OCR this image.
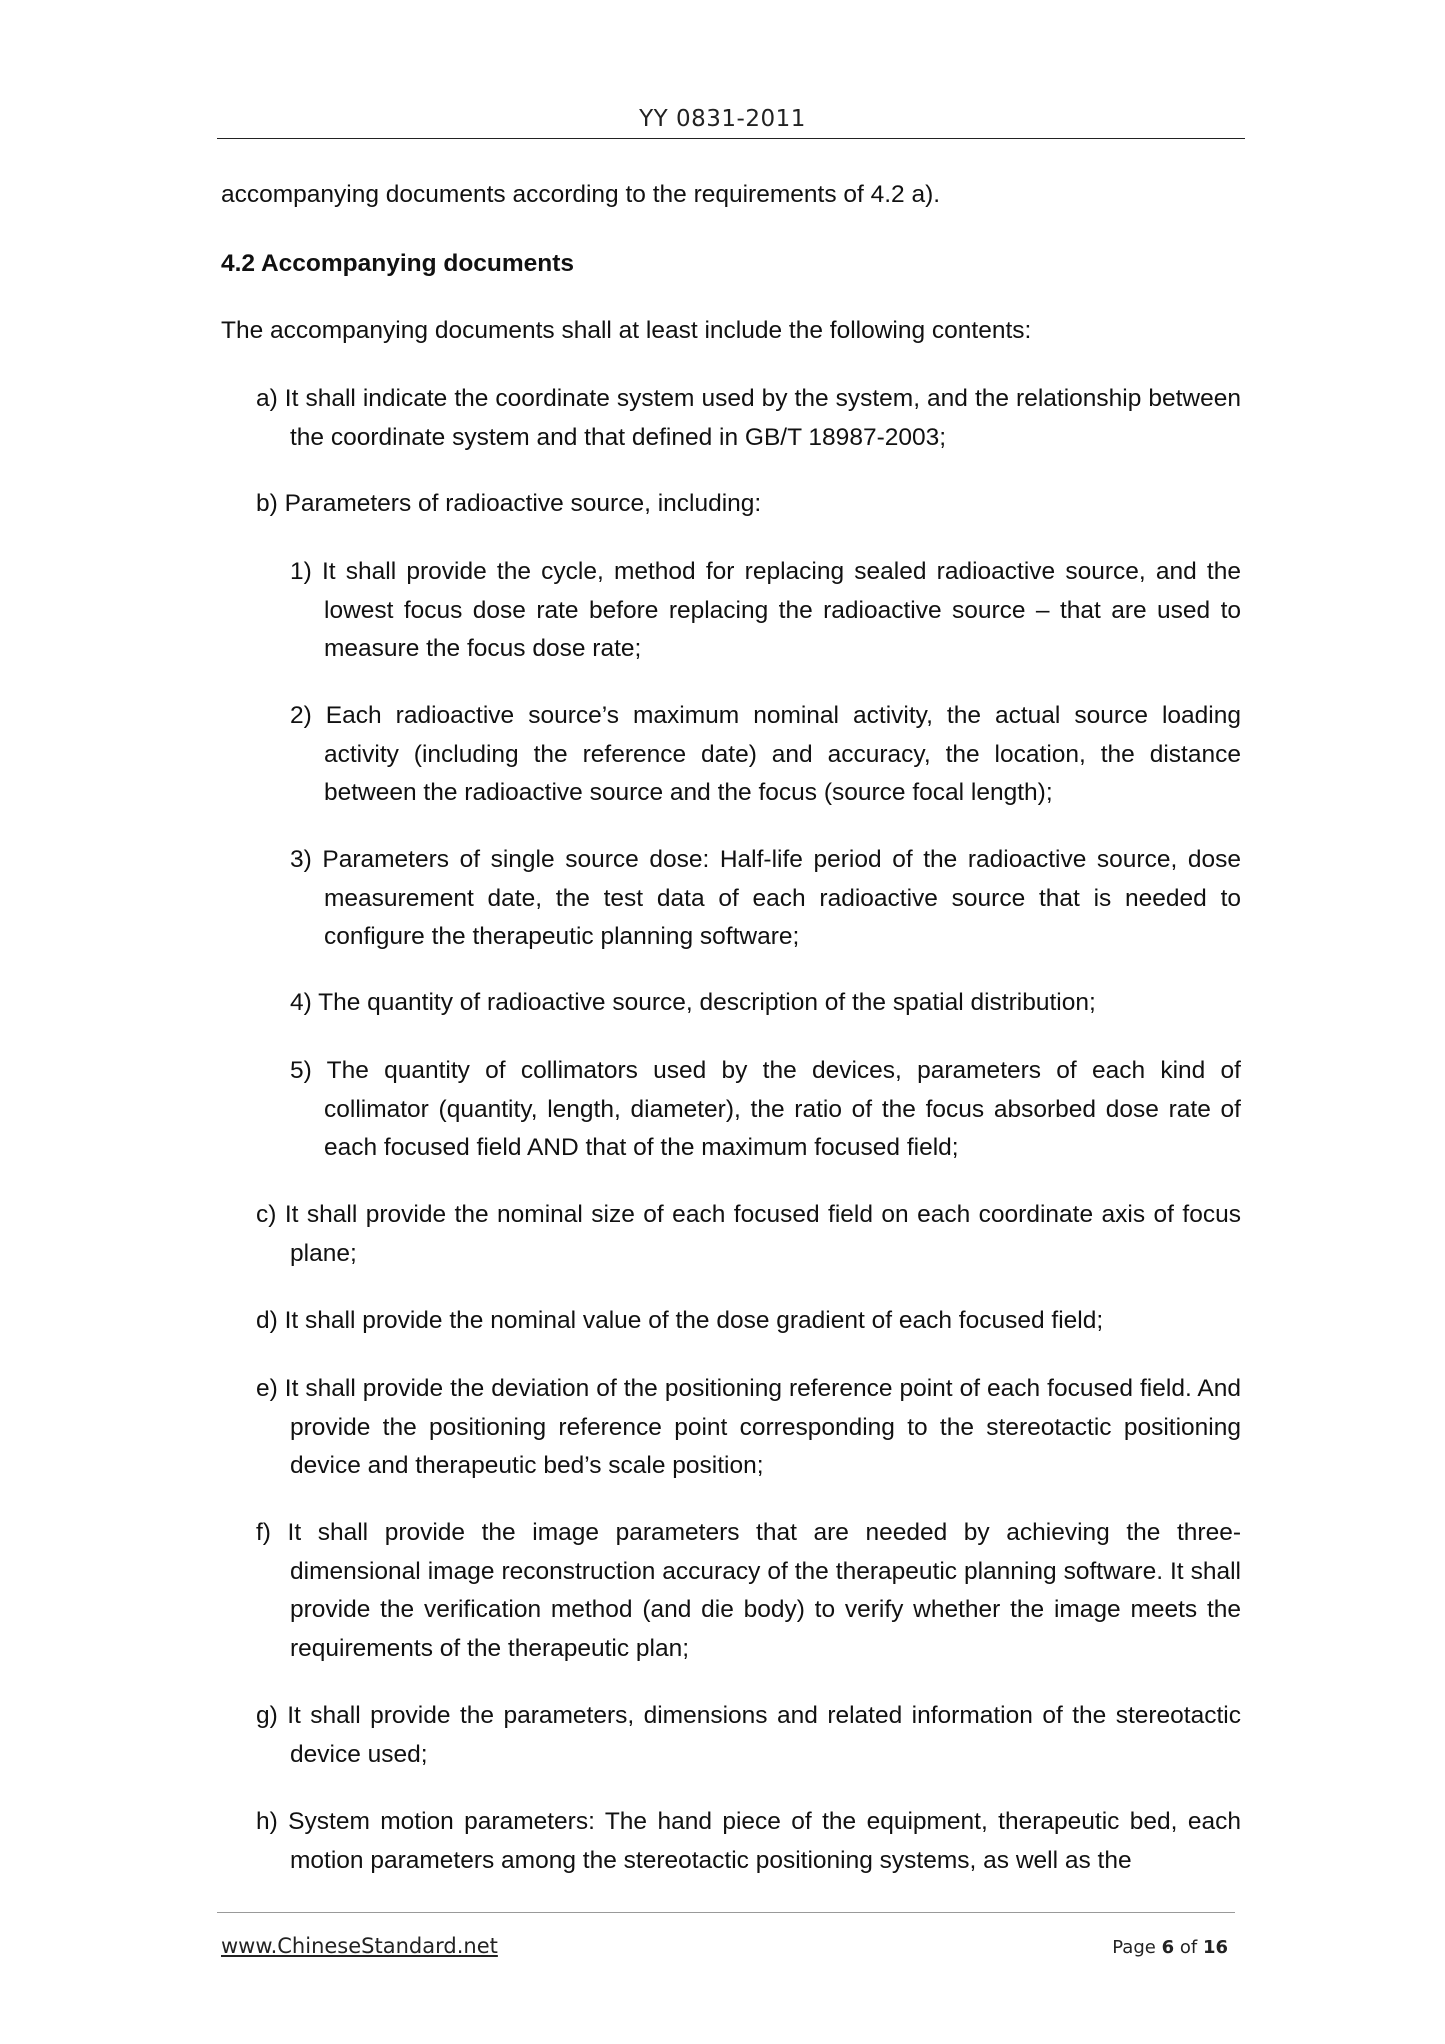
YY 0831-2011

accompanying documents according to the requirements of 4.2 a).

4.2 Accompanying documents

The accompanying documents shall at least include the following contents:

a) It shall indicate the coordinate system used by the system, and the relationship between the coordinate system and that defined in GB/T 18987-2003;

b) Parameters of radioactive source, including:

1) It shall provide the cycle, method for replacing sealed radioactive source, and the lowest focus dose rate before replacing the radioactive source – that are used to measure the focus dose rate;

2) Each radioactive source’s maximum nominal activity, the actual source loading activity (including the reference date) and accuracy, the location, the distance between the radioactive source and the focus (source focal length);

3) Parameters of single source dose: Half-life period of the radioactive source, dose measurement date, the test data of each radioactive source that is needed to configure the therapeutic planning software;

4) The quantity of radioactive source, description of the spatial distribution;

5) The quantity of collimators used by the devices, parameters of each kind of collimator (quantity, length, diameter), the ratio of the focus absorbed dose rate of each focused field AND that of the maximum focused field;

c) It shall provide the nominal size of each focused field on each coordinate axis of focus plane;

d) It shall provide the nominal value of the dose gradient of each focused field;

e) It shall provide the deviation of the positioning reference point of each focused field. And provide the positioning reference point corresponding to the stereotactic positioning device and therapeutic bed’s scale position;

f) It shall provide the image parameters that are needed by achieving the three-dimensional image reconstruction accuracy of the therapeutic planning software. It shall provide the verification method (and die body) to verify whether the image meets the requirements of the therapeutic plan;

g) It shall provide the parameters, dimensions and related information of the stereotactic device used;

h) System motion parameters: The hand piece of the equipment, therapeutic bed, each motion parameters among the stereotactic positioning systems, as well as the

www.ChineseStandard.net	Page 6 of 16
